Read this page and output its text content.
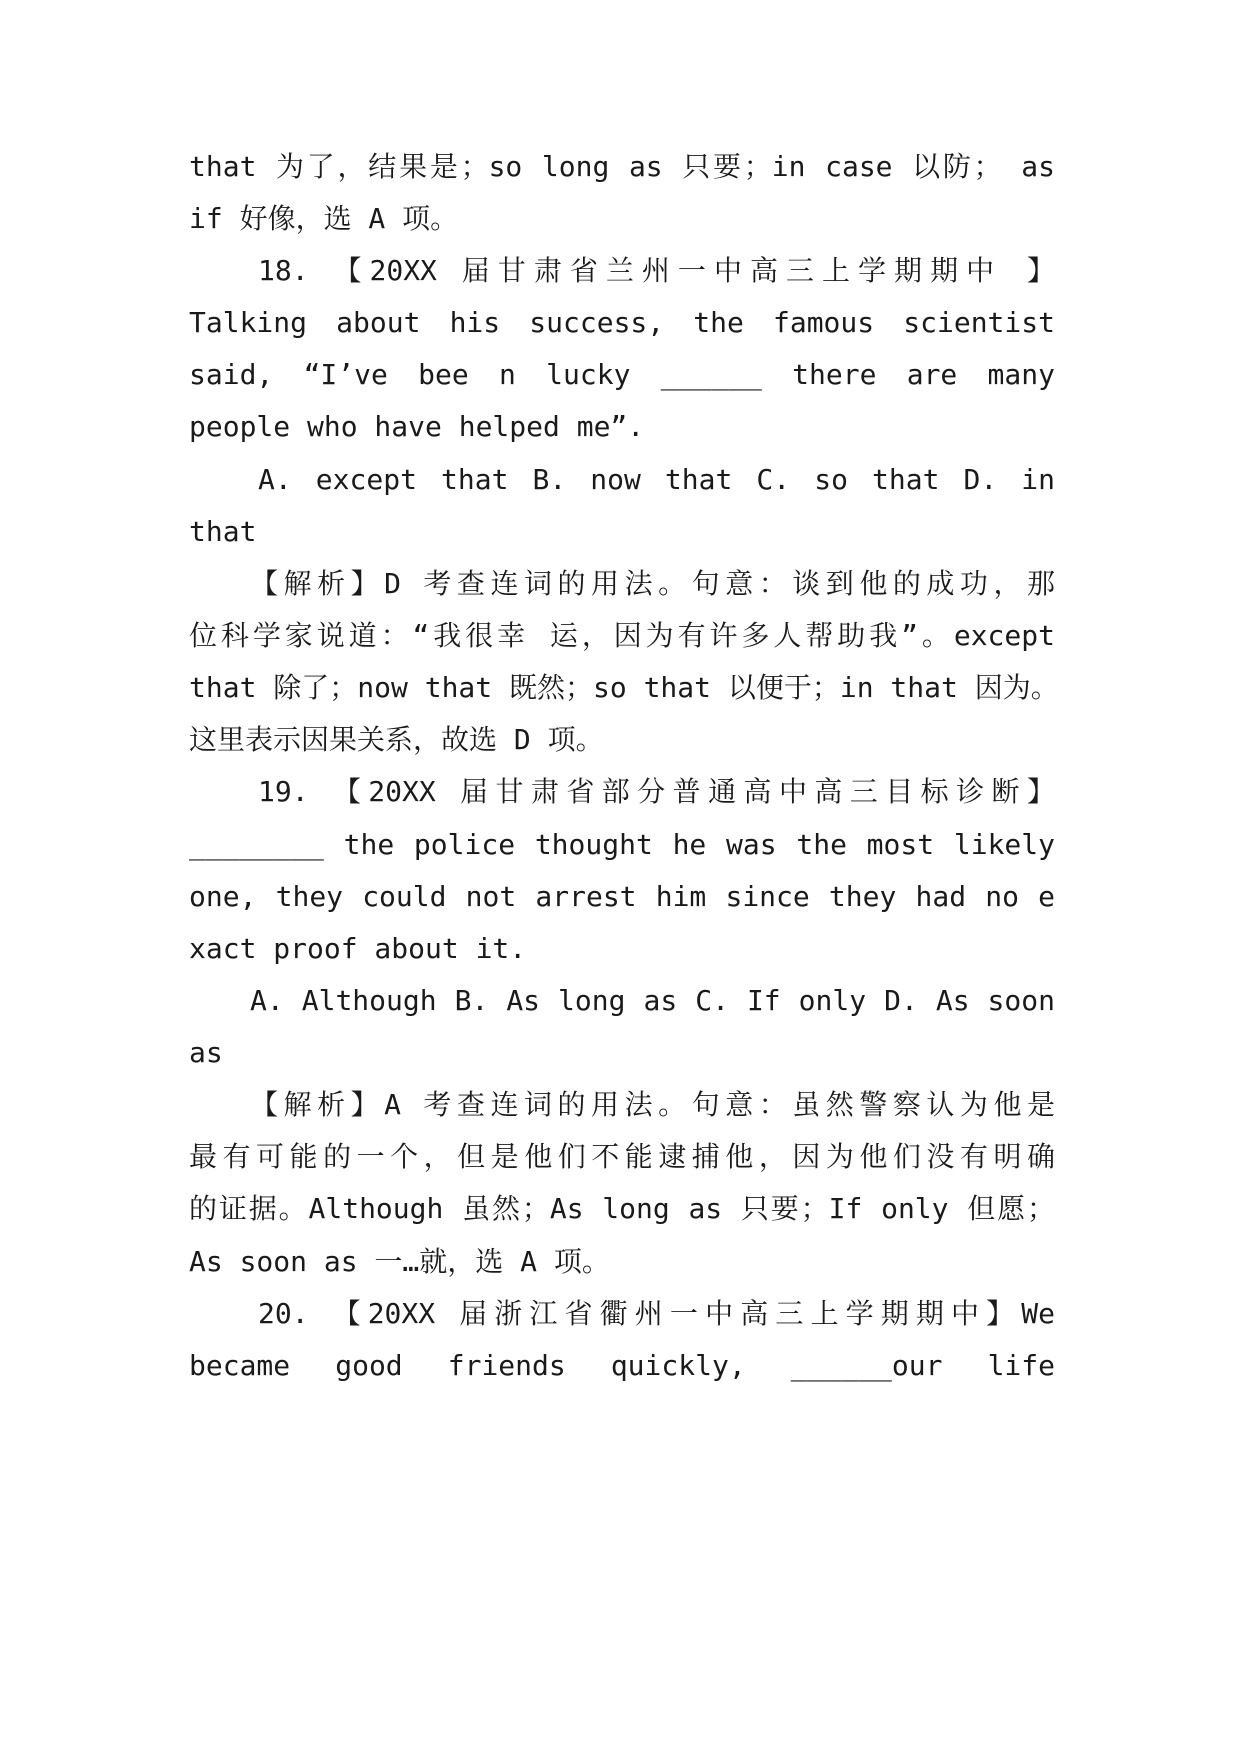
that 为了，结果是；so long as 只要；in case 以防； as
if 好像，选 A 项。
18. 【20XX 届甘肃省兰州一中高三上学期期中 】
Talking about his success, the famous scientist
said, “I’ve bee n lucky ______ there are many
people who have helped me”.
A. except that B. now that C. so that D. in
that
【解析】D 考查连词的用法。句意：谈到他的成功，那
位科学家说道：“我很幸 运，因为有许多人帮助我”。except
that 除了；now that 既然；so that 以便于；in that 因为。
这里表示因果关系，故选 D 项。
19. 【20XX 届甘肃省部分普通高中高三目标诊断】
________ the police thought he was the most likely
one, they could not arrest him since they had no e
xact proof about it.
A. Although B. As long as C. If only D. As soon
as
【解析】A 考查连词的用法。句意：虽然警察认为他是
最有可能的一个，但是他们不能逮捕他，因为他们没有明确
的证据。Although 虽然；As long as 只要；If only 但愿；
As soon as 一…就，选 A 项。
20. 【20XX 届浙江省衢州一中高三上学期期中】We
became good friends quickly, ______our life
